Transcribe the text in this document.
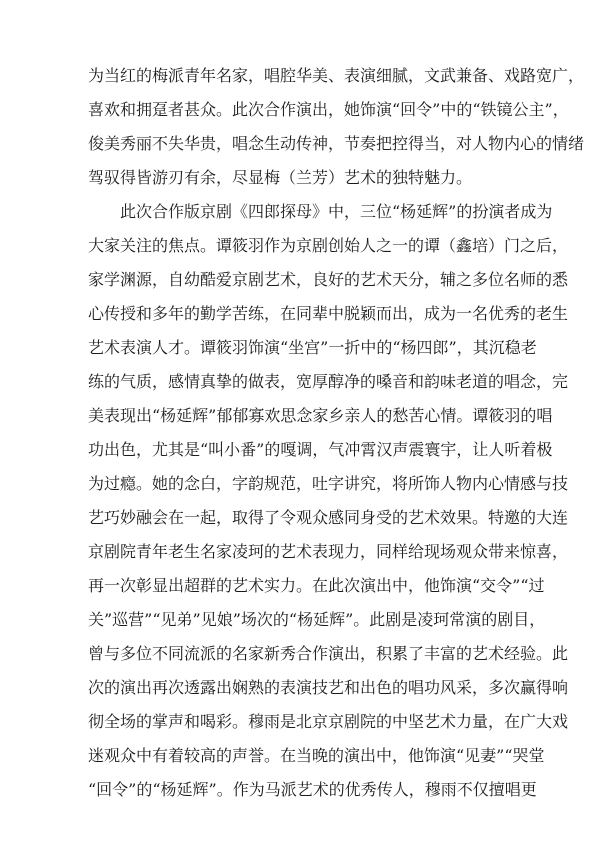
为当红的梅派青年名家，唱腔华美、表演细腻，文武兼备、戏路宽广，
喜欢和拥趸者甚众。此次合作演出，她饰演“回令”中的“铁镜公主”，
俊美秀丽不失华贵，唱念生动传神，节奏把控得当，对人物内心的情绪
驾驭得皆游刃有余，尽显梅（兰芳）艺术的独特魅力。
此次合作版京剧《四郎探母》中，三位“杨延辉”的扮演者成为
大家关注的焦点。谭筱羽作为京剧创始人之一的谭（鑫培）门之后，
家学渊源，自幼酷爱京剧艺术，良好的艺术天分，辅之多位名师的悉
心传授和多年的勤学苦练，在同辈中脱颖而出，成为一名优秀的老生
艺术表演人才。谭筱羽饰演“坐宫”一折中的“杨四郎”，其沉稳老
练的气质，感情真挚的做表，宽厚醇净的嗓音和韵味老道的唱念，完
美表现出“杨延辉”郁郁寡欢思念家乡亲人的愁苦心情。谭筱羽的唱
功出色，尤其是“叫小番”的嘎调，气冲霄汉声震寰宇，让人听着极
为过瘾。她的念白，字韵规范，吐字讲究，将所饰人物内心情感与技
艺巧妙融会在一起，取得了令观众感同身受的艺术效果。特邀的大连
京剧院青年老生名家凌珂的艺术表现力，同样给现场观众带来惊喜，
再一次彰显出超群的艺术实力。在此次演出中，他饰演“交令”“过
关”巡营”“见弟”见娘”场次的“杨延辉”。此剧是凌珂常演的剧目，
曾与多位不同流派的名家新秀合作演出，积累了丰富的艺术经验。此
次的演出再次透露出娴熟的表演技艺和出色的唱功风采，多次赢得响
彻全场的掌声和喝彩。穆雨是北京京剧院的中坚艺术力量，在广大戏
迷观众中有着较高的声誉。在当晚的演出中，他饰演“见妻”“哭堂
“回令”的“杨延辉”。作为马派艺术的优秀传人，穆雨不仅擅唱更
